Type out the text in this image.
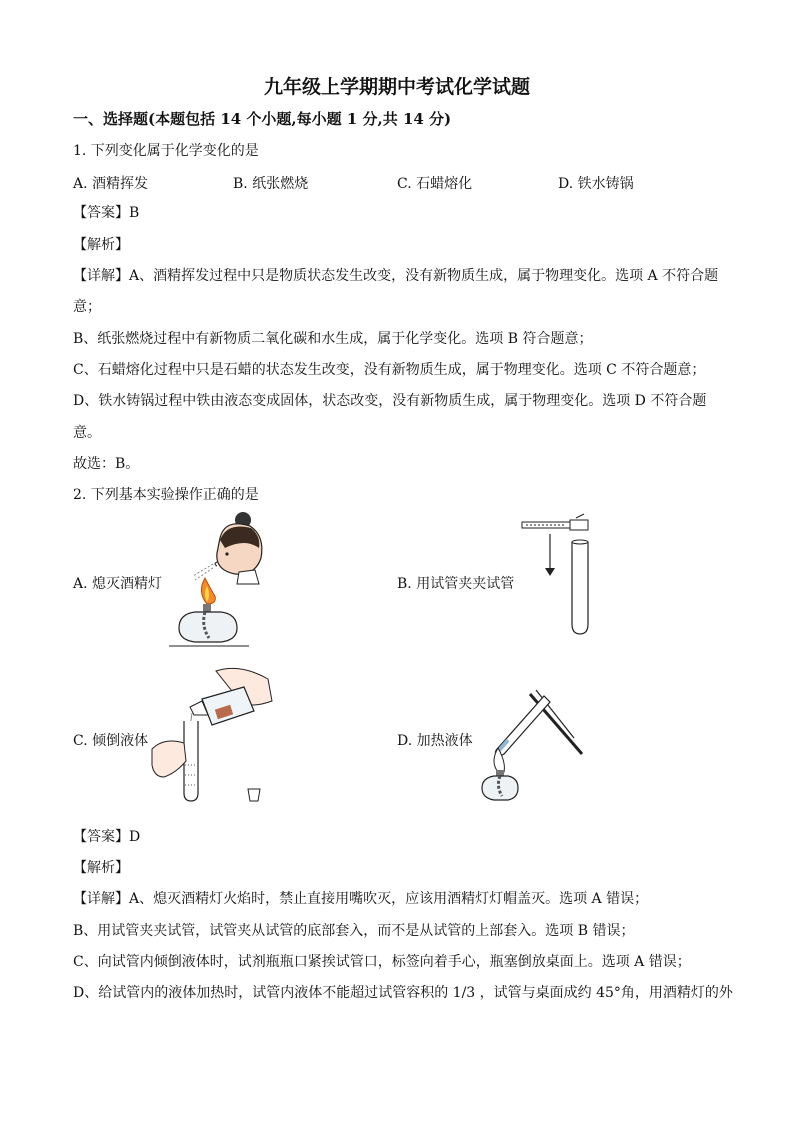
九年级上学期期中考试化学试题
一、选择题(本题包括 14 个小题,每小题 1 分,共 14 分)
1. 下列变化属于化学变化的是
A. 酒精挥发	B. 纸张燃烧	C. 石蜡熔化	D. 铁水铸锅
【答案】B
【解析】
【详解】A、酒精挥发过程中只是物质状态发生改变，没有新物质生成，属于物理变化。选项 A 不符合题
意；
B、纸张燃烧过程中有新物质二氧化碳和水生成，属于化学变化。选项 B 符合题意；
C、石蜡熔化过程中只是石蜡的状态发生改变，没有新物质生成，属于物理变化。选项 C 不符合题意；
D、铁水铸锅过程中铁由液态变成固体，状态改变，没有新物质生成，属于物理变化。选项 D 不符合题
意。
故选：B。
2. 下列基本实验操作正确的是
A. 熄灭酒精灯	B. 用试管夹夹试管
C. 倾倒液体	D. 加热液体
【答案】D
【解析】
【详解】A、熄灭酒精灯火焰时，禁止直接用嘴吹灭，应该用酒精灯灯帽盖灭。选项 A 错误；
B、用试管夹夹试管，试管夹从试管的底部套入，而不是从试管的上部套入。选项 B 错误；
C、向试管内倾倒液体时，试剂瓶瓶口紧挨试管口，标签向着手心，瓶塞倒放桌面上。选项 A 错误；
D、给试管内的液体加热时，试管内液体不能超过试管容积的 1/3 ，试管与桌面成约 45°角，用酒精灯的外
